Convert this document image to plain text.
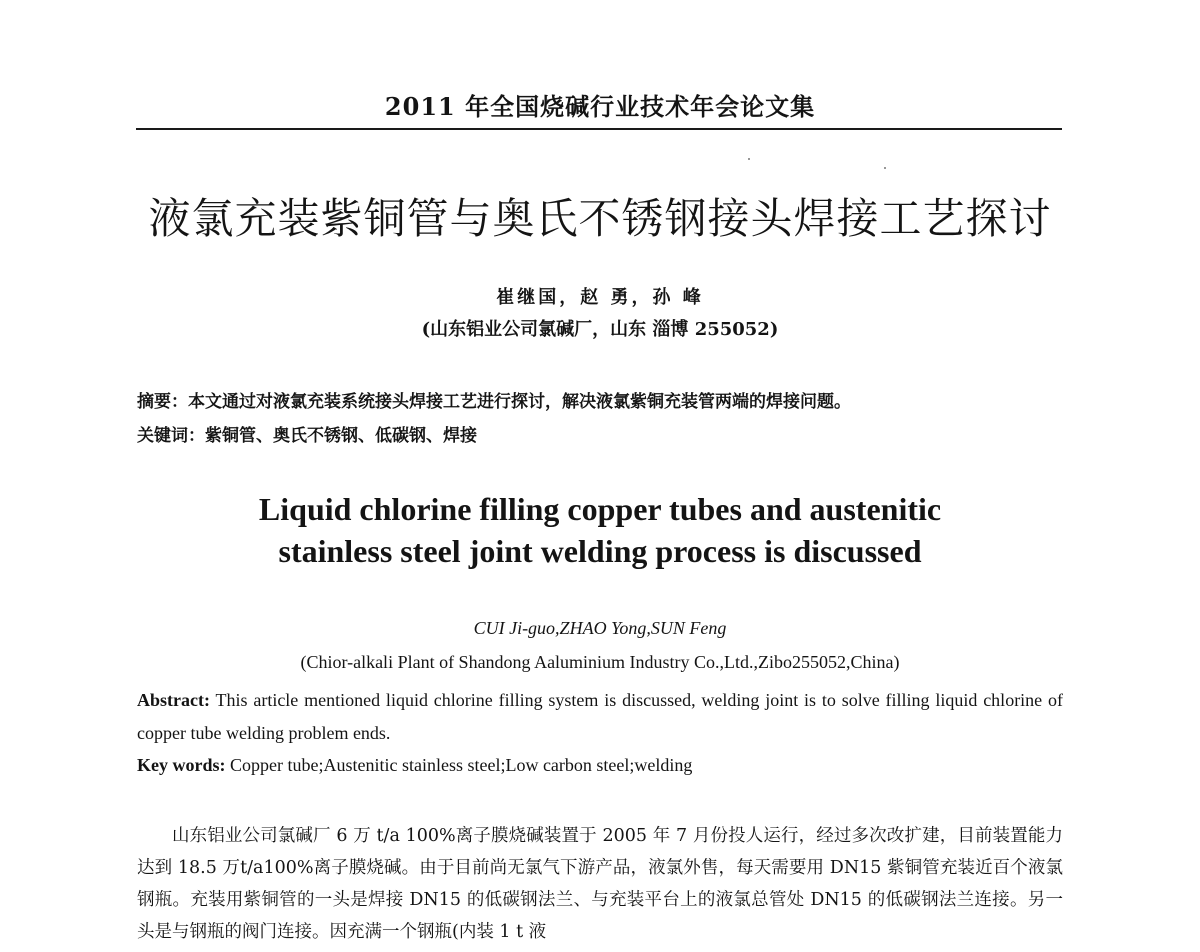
2011 年全国烧碱行业技术年会论文集
液氯充装紫铜管与奥氏不锈钢接头焊接工艺探讨
崔继国，赵 勇，孙 峰
(山东铝业公司氯碱厂，山东 淄博 255052)
摘要：本文通过对液氯充装系统接头焊接工艺进行探讨，解决液氯紫铜充装管两端的焊接问题。
关键词：紫铜管、奥氏不锈钢、低碳钢、焊接
Liquid chlorine filling copper tubes and austenitic
stainless steel joint welding process is discussed
CUI Ji-guo,ZHAO Yong,SUN Feng
(Chior-alkali Plant of Shandong Aaluminium Industry Co.,Ltd.,Zibo255052,China)
Abstract: This article mentioned liquid chlorine filling system is discussed, welding joint is to solve filling liquid chlorine of copper tube welding problem ends.
Key words: Copper tube;Austenitic stainless steel;Low carbon steel;welding
山东铝业公司氯碱厂 6 万 t/a 100%离子膜烧碱装置于 2005 年 7 月份投人运行，经过多次改扩建，目前装置能力达到 18.5 万t/a100%离子膜烧碱。由于目前尚无氯气下游产品，液氯外售，每天需要用 DN15 紫铜管充装近百个液氯钢瓶。充装用紫铜管的一头是焊接 DN15 的低碳钢法兰、与充装平台上的液氯总管处 DN15 的低碳钢法兰连接。另一头是与钢瓶的阀门连接。因充满一个钢瓶(内装 1 t 液
